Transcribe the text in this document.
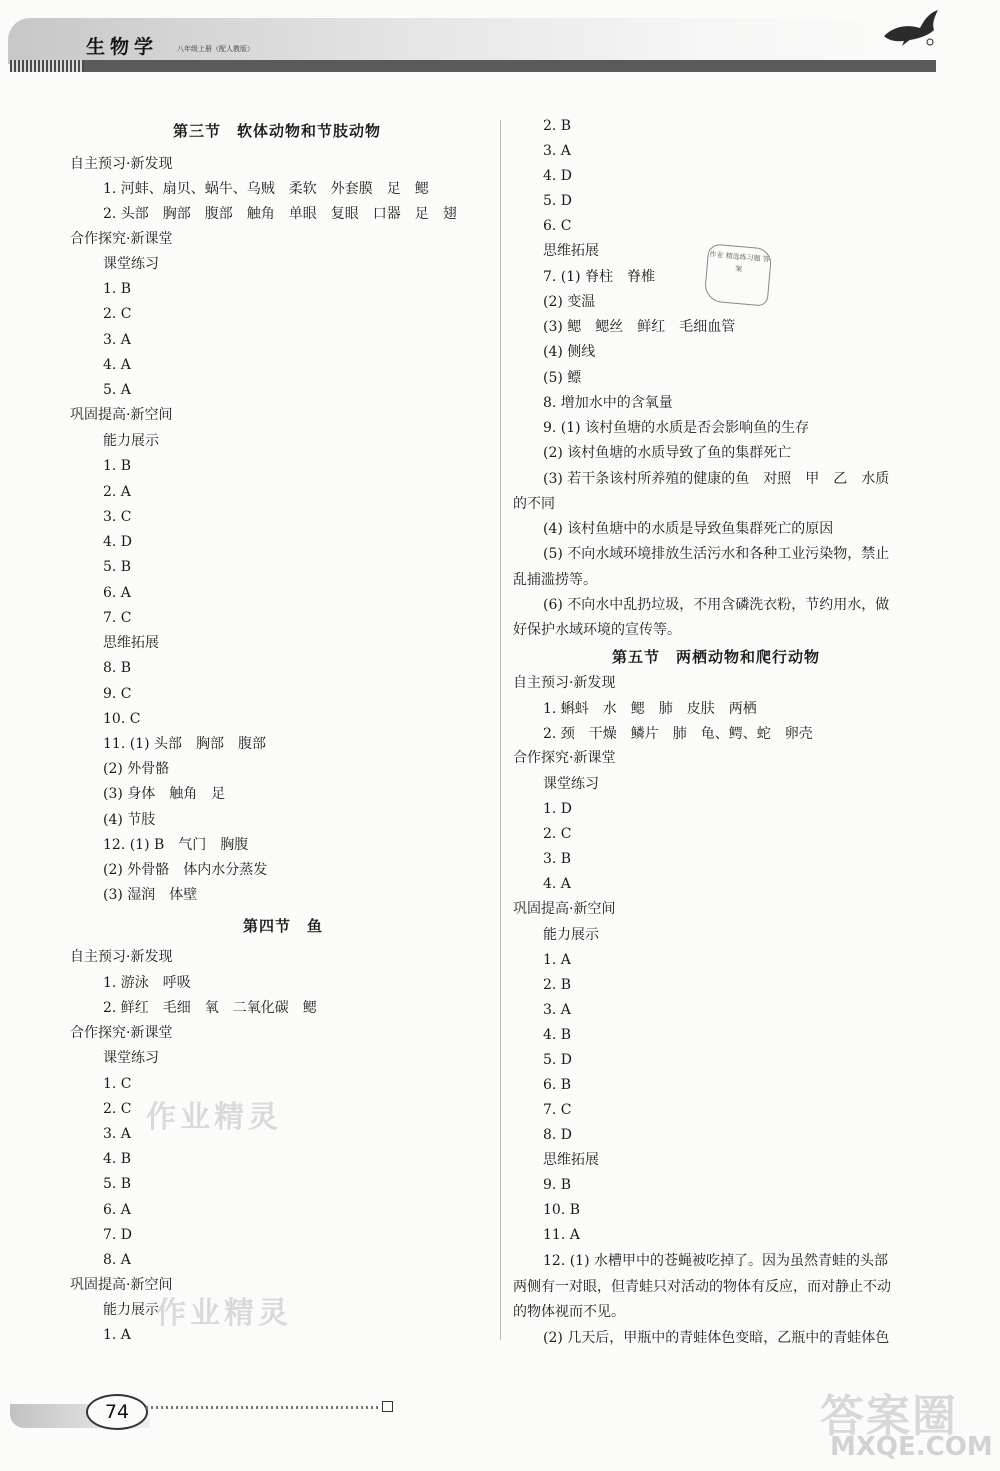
生物学	八年级上册（配人教版）
第三节　软体动物和节肢动物
自主预习·新发现
1. 河蚌、扇贝、蜗牛、乌贼　柔软　外套膜　足　鳃
2. 头部　胸部　腹部　触角　单眼　复眼　口器　足　翅
合作探究·新课堂
课堂练习
1. B
2. C
3. A
4. A
5. A
巩固提高·新空间
能力展示
1. B
2. A
3. C
4. D
5. B
6. A
7. C
思维拓展
8. B
9. C
10. C
11. (1) 头部　胸部　腹部
(2) 外骨骼
(3) 身体　触角　足
(4) 节肢
12. (1) B　气门　胸腹
(2) 外骨骼　体内水分蒸发
(3) 湿润　体壁
第四节　鱼
自主预习·新发现
1. 游泳　呼吸
2. 鲜红　毛细　氧　二氧化碳　鳃
合作探究·新课堂
课堂练习
1. C
2. C
3. A
4. B
5. B
6. A
7. D
8. A
巩固提高·新空间
能力展示
1. A
2. B
3. A
4. D
5. D
6. C
思维拓展
7. (1) 脊柱　脊椎
(2) 变温
(3) 鳃　鳃丝　鲜红　毛细血管
(4) 侧线
(5) 鳔
8. 增加水中的含氧量
9. (1) 该村鱼塘的水质是否会影响鱼的生存
(2) 该村鱼塘的水质导致了鱼的集群死亡
(3) 若干条该村所养殖的健康的鱼　对照　甲　乙　水质
的不同
(4) 该村鱼塘中的水质是导致鱼集群死亡的原因
(5) 不向水域环境排放生活污水和各种工业污染物，禁止
乱捕滥捞等。
(6) 不向水中乱扔垃圾，不用含磷洗衣粉，节约用水，做
好保护水域环境的宣传等。
第五节　两栖动物和爬行动物
自主预习·新发现
1. 蝌蚪　水　鳃　肺　皮肤　两栖
2. 颈　干燥　鳞片　肺　龟、鳄、蛇　卵壳
合作探究·新课堂
课堂练习
1. D
2. C
3. B
4. A
巩固提高·新空间
能力展示
1. A
2. B
3. A
4. B
5. D
6. B
7. C
8. D
思维拓展
9. B
10. B
11. A
12. (1) 水槽甲中的苍蝇被吃掉了。因为虽然青蛙的头部
两侧有一对眼，但青蛙只对活动的物体有反应，而对静止不动
的物体视而不见。
(2) 几天后，甲瓶中的青蛙体色变暗，乙瓶中的青蛙体色
作业 精选练习题 答案
作业精灵
作业精灵
74	答案圈
MXQE.COM
